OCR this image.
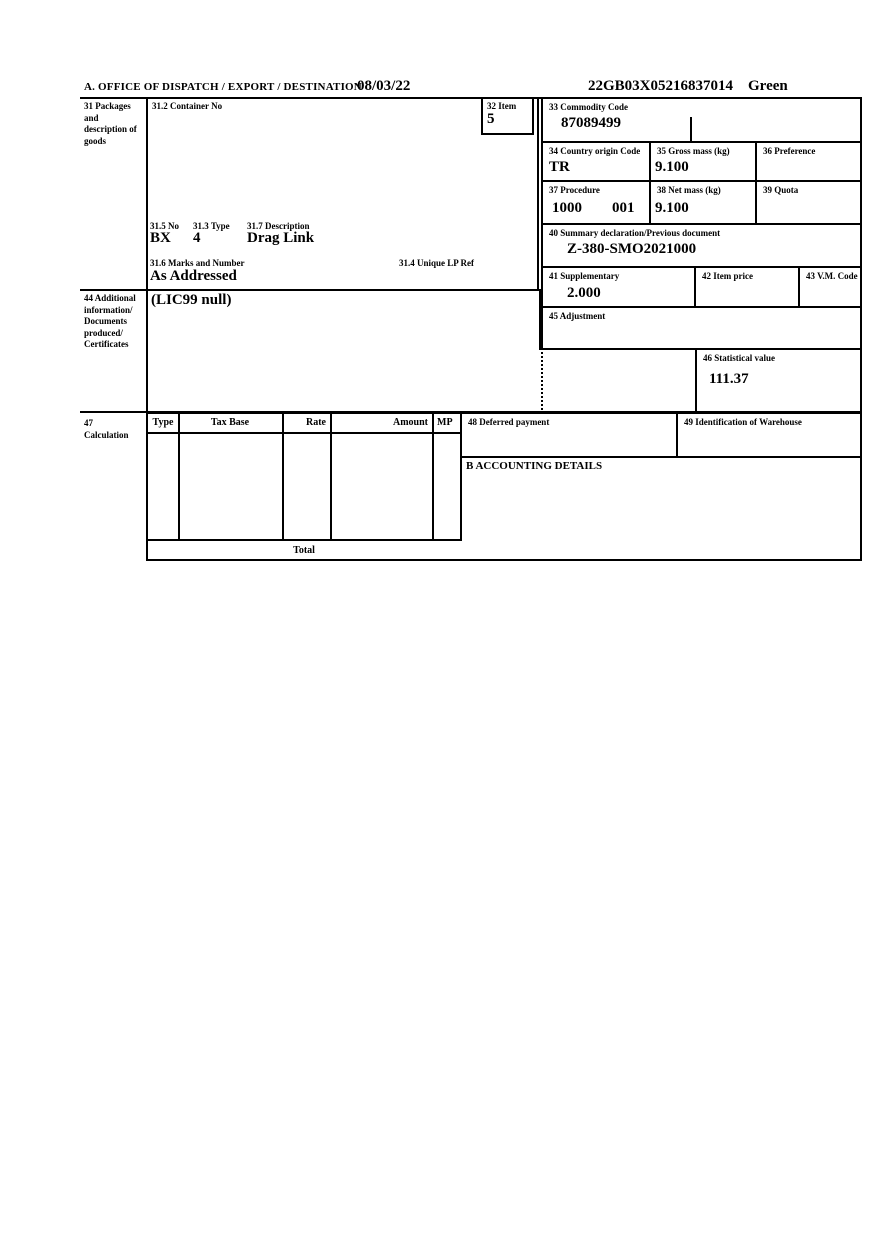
A. OFFICE OF DISPATCH / EXPORT / DESTINATION
08/03/22	22GB03X05216837014 Green
31 Packages and description of goods
44 Additional information/ Documents produced/ Certificates
47 Calculation
31.2 Container No
31.5 No 31.3 Type 31.7 Description
BX 4	Drag Link
31.6 Marks and Number
As Addressed
31.4 Unique LP Ref
32 Item
5
33 Commodity Code
87089499
34 Country origin Code
TR
35 Gross mass (kg)
9.100
36 Preference
37 Procedure
1000 001
38 Net mass (kg)
9.100
39 Quota
40 Summary declaration/Previous document
Z-380-SMO2021000
41 Supplementary
2.000
42 Item price	43 V.M. Code
(LIC99 null)
45 Adjustment
46 Statistical value
111.37
Type	Tax Base	Rate	Amount MP
Total
48 Deferred payment	49 Identification of Warehouse
B ACCOUNTING DETAILS
